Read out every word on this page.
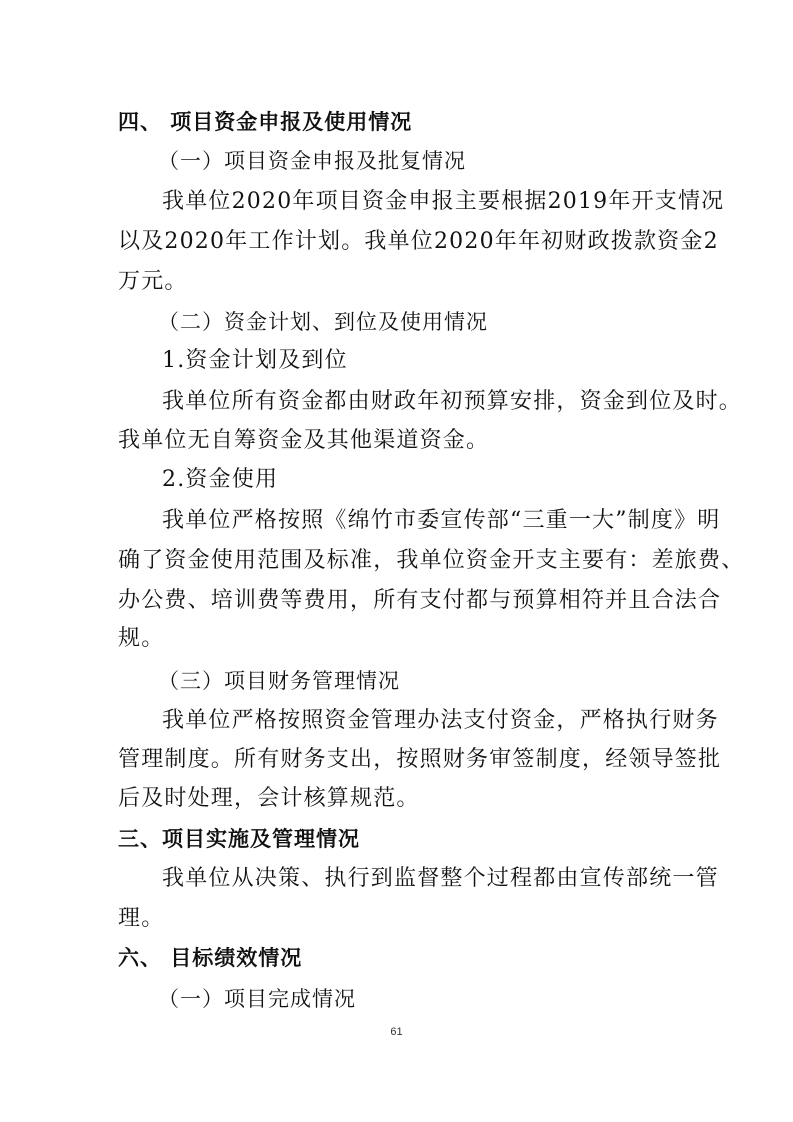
四、 项目资金申报及使用情况
（一）项目资金申报及批复情况
我单位2020年项目资金申报主要根据2019年开支情况
以及2020年工作计划。我单位2020年年初财政拨款资金2
万元。
（二）资金计划、到位及使用情况
1.资金计划及到位
我单位所有资金都由财政年初预算安排，资金到位及时。
我单位无自筹资金及其他渠道资金。
2.资金使用
我单位严格按照《绵竹市委宣传部“三重一大”制度》明
确了资金使用范围及标准，我单位资金开支主要有：差旅费、
办公费、培训费等费用，所有支付都与预算相符并且合法合
规。
（三）项目财务管理情况
我单位严格按照资金管理办法支付资金，严格执行财务
管理制度。所有财务支出，按照财务审签制度，经领导签批
后及时处理，会计核算规范。
三、项目实施及管理情况
我单位从决策、执行到监督整个过程都由宣传部统一管
理。
六、 目标绩效情况
（一）项目完成情况
61
